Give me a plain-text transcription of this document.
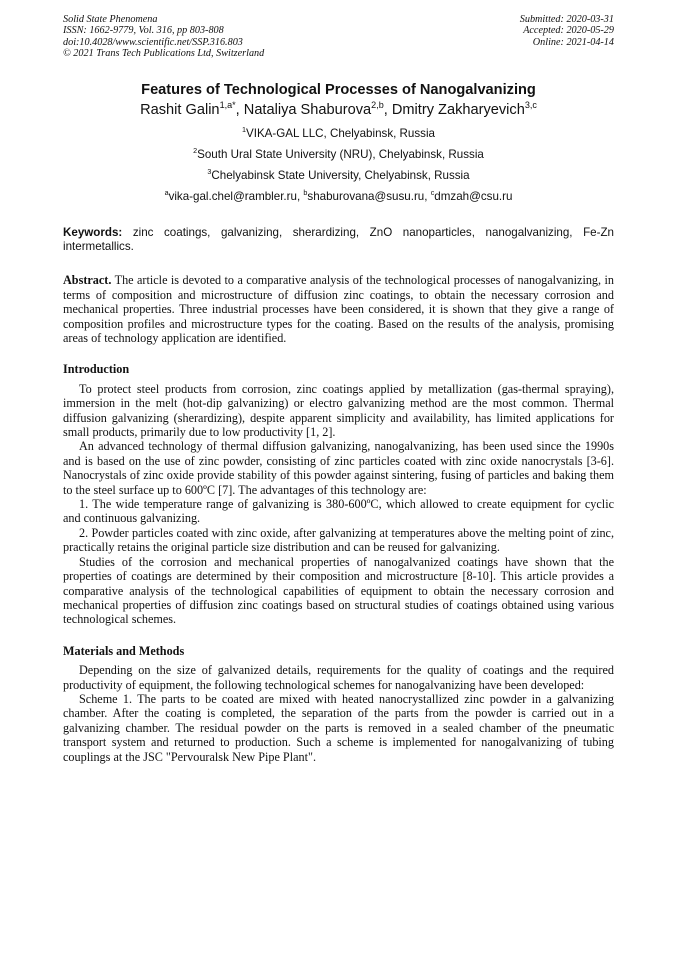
Solid State Phenomena
ISSN: 1662-9779, Vol. 316, pp 803-808
doi:10.4028/www.scientific.net/SSP.316.803
© 2021 Trans Tech Publications Ltd, Switzerland
Submitted: 2020-03-31
Accepted: 2020-05-29
Online: 2021-04-14
Features of Technological Processes of Nanogalvanizing
Rashit Galin$^{1,a*}$, Nataliya Shaburova$^{2,b}$, Dmitry Zakharyevich$^{3,c}$
$^1$VIKA-GAL LLC, Chelyabinsk, Russia
$^2$South Ural State University (NRU), Chelyabinsk, Russia
$^3$Chelyabinsk State University, Chelyabinsk, Russia
$^a$vika-gal.chel@rambler.ru, $^b$shaburovana@susu.ru, $^c$dmzah@csu.ru
Keywords: zinc coatings, galvanizing, sherardizing, ZnO nanoparticles, nanogalvanizing, Fe-Zn intermetallics.

Abstract. The article is devoted to a comparative analysis of the technological processes of nanogalvanizing, in terms of composition and microstructure of diffusion zinc coatings, to obtain the necessary corrosion and mechanical properties. Three industrial processes have been considered, it is shown that they give a range of composition profiles and microstructure types for the coating. Based on the results of the analysis, promising areas of technology application are identified.

Introduction

To protect steel products from corrosion, zinc coatings applied by metallization (gas-thermal spraying), immersion in the melt (hot-dip galvanizing) or electro galvanizing method are the most common. Thermal diffusion galvanizing (sherardizing), despite apparent simplicity and availability, has limited applications for small products, primarily due to low productivity [1, 2].

An advanced technology of thermal diffusion galvanizing, nanogalvanizing, has been used since the 1990s and is based on the use of zinc powder, consisting of zinc particles coated with zinc oxide nanocrystals [3-6]. Nanocrystals of zinc oxide provide stability of this powder against sintering, fusing of particles and baking them to the steel surface up to 600ºC [7]. The advantages of this technology are:

1. The wide temperature range of galvanizing is 380-600ºC, which allowed to create equipment for cyclic and continuous galvanizing.

2. Powder particles coated with zinc oxide, after galvanizing at temperatures above the melting point of zinc, practically retains the original particle size distribution and can be reused for galvanizing.

Studies of the corrosion and mechanical properties of nanogalvanized coatings have shown that the properties of coatings are determined by their composition and microstructure [8-10]. This article provides a comparative analysis of the technological capabilities of equipment to obtain the necessary corrosion and mechanical properties of diffusion zinc coatings based on structural studies of coatings obtained using various technological schemes.

Materials and Methods

Depending on the size of galvanized details, requirements for the quality of coatings and the required productivity of equipment, the following technological schemes for nanogalvanizing have been developed:

Scheme 1. The parts to be coated are mixed with heated nanocrystallized zinc powder in a galvanizing chamber. After the coating is completed, the separation of the parts from the powder is carried out in a galvanizing chamber. The residual powder on the parts is removed in a sealed chamber of the pneumatic transport system and returned to production. Such a scheme is implemented for nanogalvanizing of tubing couplings at the JSC "Pervouralsk New Pipe Plant".
